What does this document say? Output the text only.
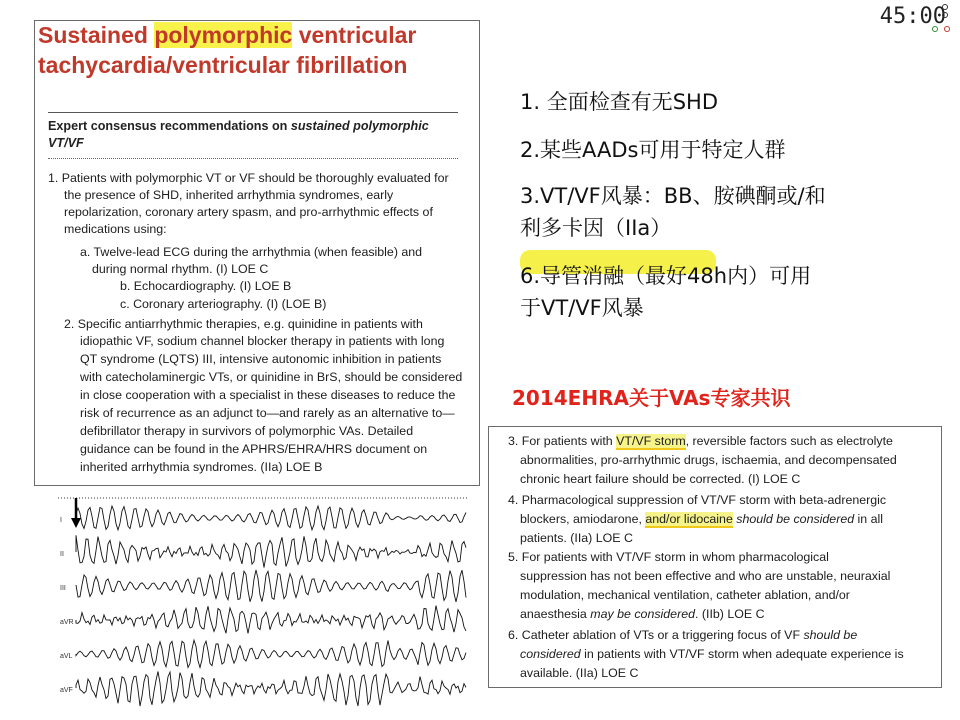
45:00
Sustained polymorphic ventricular
tachycardia/ventricular fibrillation
Expert consensus recommendations on sustained polymorphic
VT/VF
1. Patients with polymorphic VT or VF should be thoroughly evaluated for
the presence of SHD, inherited arrhythmia syndromes, early
repolarization, coronary artery spasm, and pro-arrhythmic effects of
medications using:
a. Twelve-lead ECG during the arrhythmia (when feasible) and
during normal rhythm. (I) LOE C
b. Echocardiography. (I) LOE B
c. Coronary arteriography. (I) (LOE B)
2. Specific antiarrhythmic therapies, e.g. quinidine in patients with
idiopathic VF, sodium channel blocker therapy in patients with long
QT syndrome (LQTS) III, intensive autonomic inhibition in patients
with catecholaminergic VTs, or quinidine in BrS, should be considered
in close cooperation with a specialist in these diseases to reduce the
risk of recurrence as an adjunct to—and rarely as an alternative to—
defibrillator therapy in survivors of polymorphic VAs. Detailed
guidance can be found in the APHRS/EHRA/HRS document on
inherited arrhythmia syndromes. (IIa) LOE B
1. 全面检查有无SHD
2.某些AADs可用于特定人群
3.VT/VF风暴：BB、胺碘酮或/和
利多卡因（IIa）
6.导管消融（最好48h内）可用
于VT/VF风暴
2014EHRA关于VAs专家共识
3. For patients with VT/VF storm, reversible factors such as electrolyte
abnormalities, pro-arrhythmic drugs, ischaemia, and decompensated
chronic heart failure should be corrected. (I) LOE C
4. Pharmacological suppression of VT/VF storm with beta-adrenergic
blockers, amiodarone, and/or lidocaine should be considered in all
patients. (IIa) LOE C
5. For patients with VT/VF storm in whom pharmacological
suppression has not been effective and who are unstable, neuraxial
modulation, mechanical ventilation, catheter ablation, and/or
anaesthesia may be considered. (IIb) LOE C
6. Catheter ablation of VTs or a triggering focus of VF should be
considered in patients with VT/VF storm when adequate experience is
available. (IIa) LOE C
I
II
III
aVR
aVL
aVF
